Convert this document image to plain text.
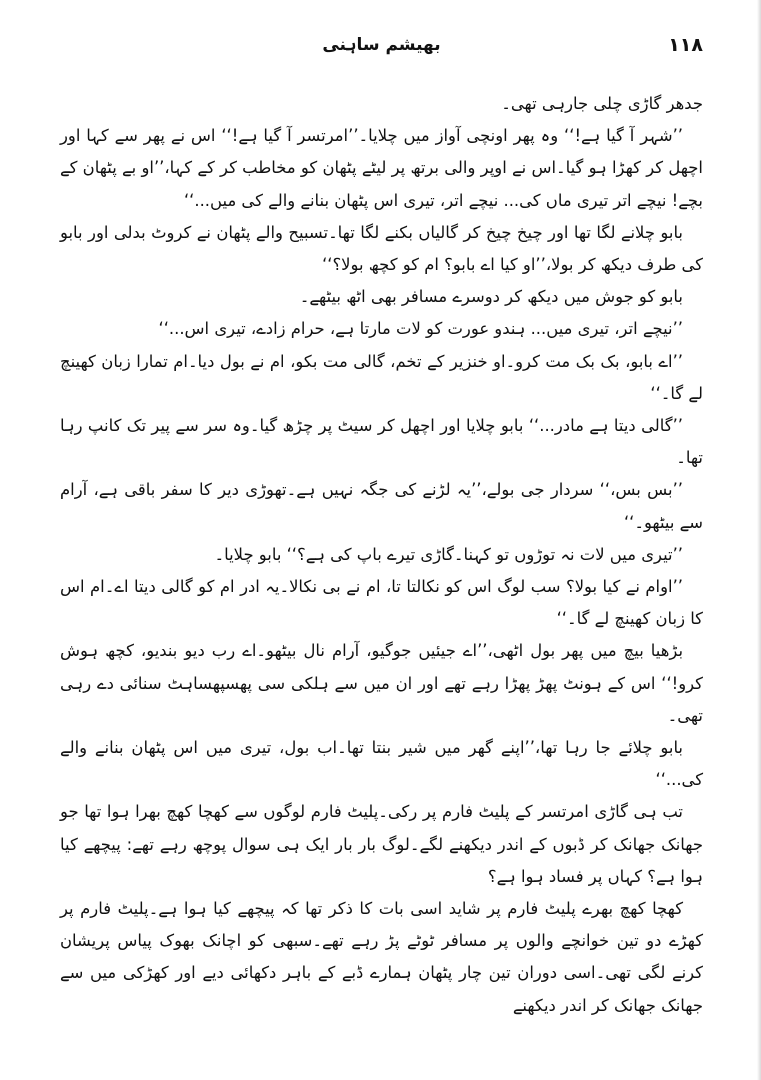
١١٨
بھیشم ساہنی

جدھر گاڑی چلی جارہی تھی۔

’’شہر آ گیا ہے!‘‘ وہ پھر اونچی آواز میں چلایا۔’’امرتسر آ گیا ہے!‘‘ اس نے پھر سے کہا اور اچھل کر کھڑا ہو گیا۔اس نے اوپر والی برتھ پر لیٹے پٹھان کو مخاطب کر کے کہا،’’او بے پٹھان کے بچے! نیچے اتر تیری ماں کی... نیچے اتر، تیری اس پٹھان بنانے والے کی میں...‘‘

بابو چلانے لگا تھا اور چیخ چیخ کر گالیاں بکنے لگا تھا۔تسبیح والے پٹھان نے کروٹ بدلی اور بابو کی طرف دیکھ کر بولا،’’او کیا اے بابو؟ ام کو کچھ بولا؟‘‘

بابو کو جوش میں دیکھ کر دوسرے مسافر بھی اٹھ بیٹھے۔

’’نیچے اتر، تیری میں... ہندو عورت کو لات مارتا ہے، حرام زادے، تیری اس...‘‘

’’اے بابو، بک بک مت کرو۔او خنزیر کے تخم، گالی مت بکو، ام نے بول دیا۔ام تمارا زبان کھینچ لے گا۔‘‘

’’گالی دیتا ہے مادر...‘‘ بابو چلایا اور اچھل کر سیٹ پر چڑھ گیا۔وہ سر سے پیر تک کانپ رہا تھا۔

’’بس بس،‘‘ سردار جی بولے،’’یہ لڑنے کی جگہ نہیں ہے۔تھوڑی دیر کا سفر باقی ہے، آرام سے بیٹھو۔‘‘

’’تیری میں لات نہ توڑوں تو کہنا۔گاڑی تیرے باپ کی ہے؟‘‘ بابو چلایا۔

’’اوام نے کیا بولا؟ سب لوگ اس کو نکالتا تا، ام نے بی نکالا۔یہ ادر ام کو گالی دیتا اے۔ام اس کا زبان کھینچ لے گا۔‘‘

بڑھیا بیچ میں پھر بول اٹھی،’’اے جیئیں جوگیو، آرام نال بیٹھو۔اے رب دیو بندیو، کچھ ہوش کرو!‘‘ اس کے ہونٹ پھڑ پھڑا رہے تھے اور ان میں سے ہلکی سی پھسپھساہٹ سنائی دے رہی تھی۔

بابو چلائے جا رہا تھا،’’اپنے گھر میں شیر بنتا تھا۔اب بول، تیری میں اس پٹھان بنانے والے کی...‘‘

تب ہی گاڑی امرتسر کے پلیٹ فارم پر رکی۔پلیٹ فارم لوگوں سے کھچا کھچ بھرا ہوا تھا جو جھانک جھانک کر ڈبوں کے اندر دیکھنے لگے۔لوگ بار بار ایک ہی سوال پوچھ رہے تھے: پیچھے کیا ہوا ہے؟ کہاں پر فساد ہوا ہے؟

کھچا کھچ بھرے پلیٹ فارم پر شاید اسی بات کا ذکر تھا کہ پیچھے کیا ہوا ہے۔پلیٹ فارم پر کھڑے دو تین خوانچے والوں پر مسافر ٹوٹے پڑ رہے تھے۔سبھی کو اچانک بھوک پیاس پریشان کرنے لگی تھی۔اسی دوران تین چار پٹھان ہمارے ڈبے کے باہر دکھائی دیے اور کھڑکی میں سے جھانک جھانک کر اندر دیکھنے
